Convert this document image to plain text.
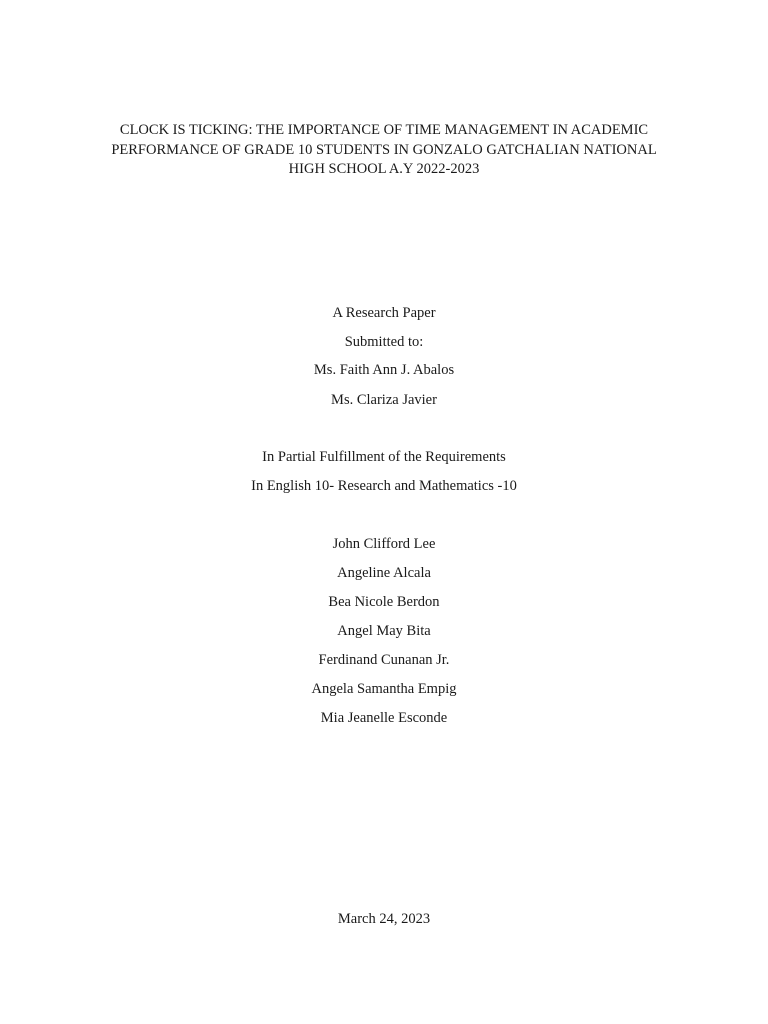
CLOCK IS TICKING: THE IMPORTANCE OF TIME MANAGEMENT IN ACADEMIC
PERFORMANCE OF GRADE 10 STUDENTS IN GONZALO GATCHALIAN NATIONAL
HIGH SCHOOL A.Y 2022-2023
A Research Paper
Submitted to:
Ms. Faith Ann J. Abalos
Ms. Clariza Javier
In Partial Fulfillment of the Requirements
In English 10- Research and Mathematics -10
John Clifford Lee
Angeline Alcala
Bea Nicole Berdon
Angel May Bita
Ferdinand Cunanan Jr.
Angela Samantha Empig
Mia Jeanelle Esconde
March 24, 2023
